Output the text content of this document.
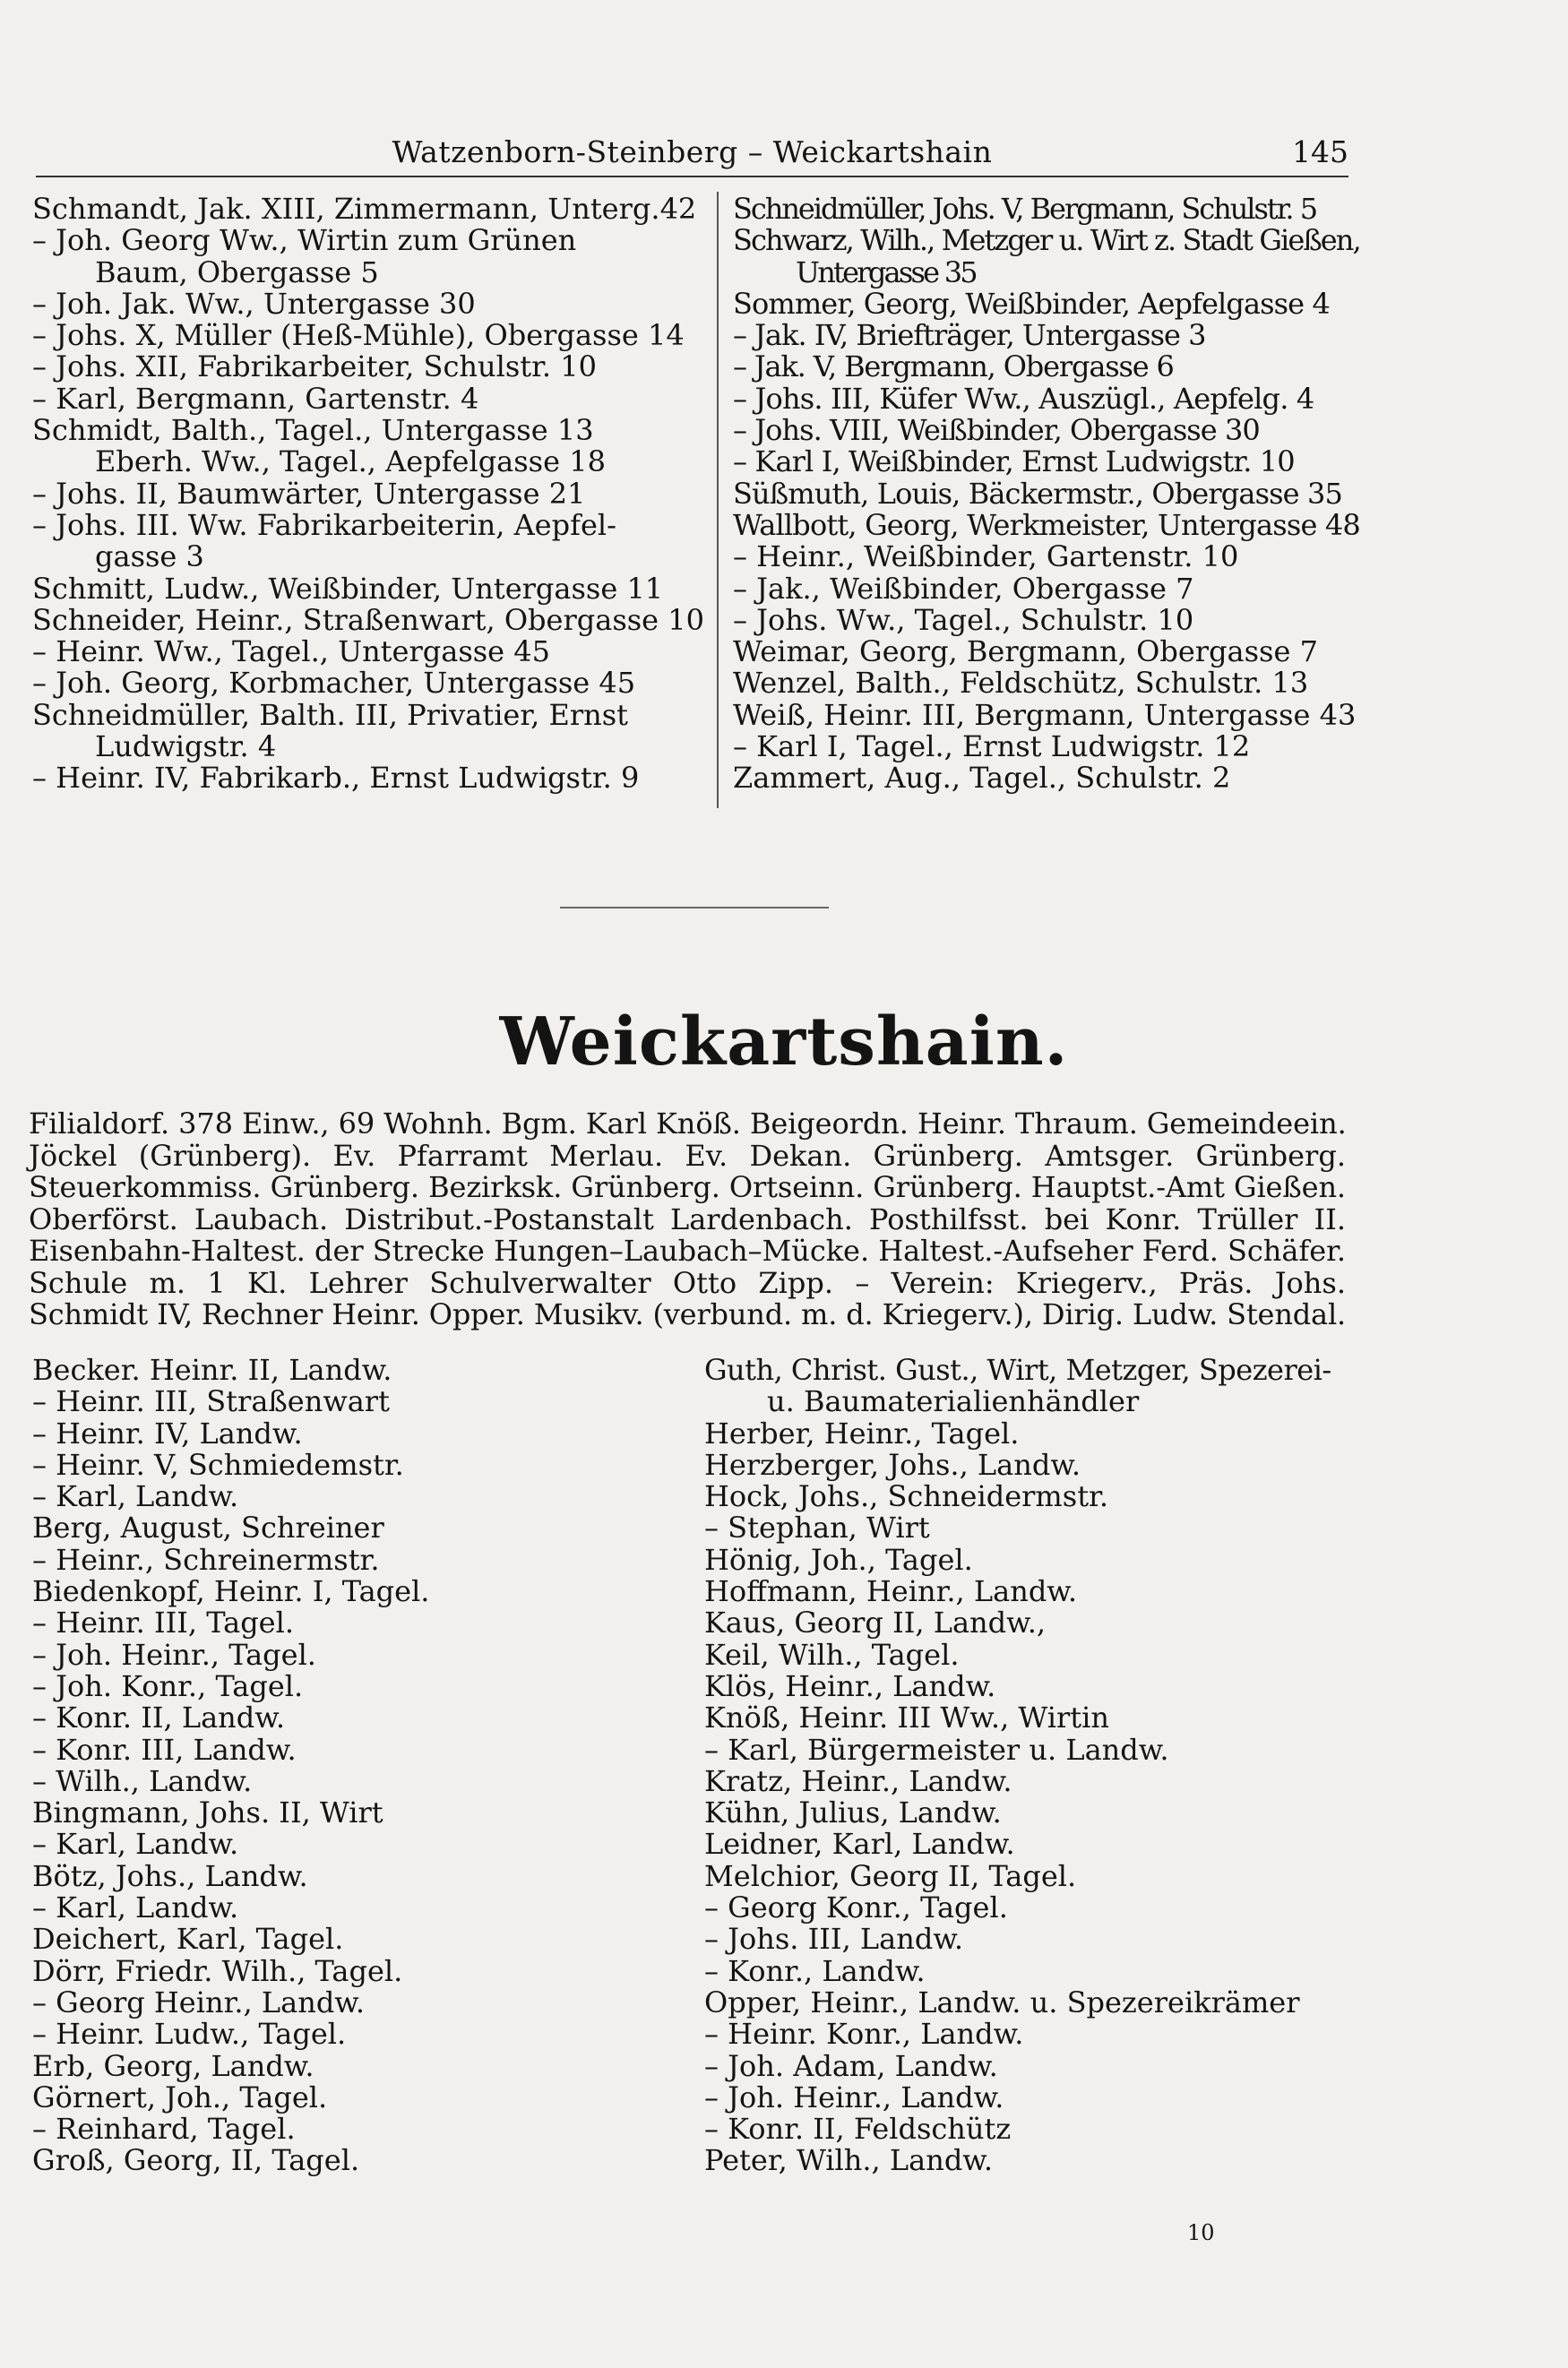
Watzenborn-Steinberg – Weickartshain	145
Schmandt, Jak. XIII, Zimmermann, Unterg.42
– Joh. Georg Ww., Wirtin zum Grünen
Baum, Obergasse 5
– Joh. Jak. Ww., Untergasse 30
– Johs. X, Müller (Heß-Mühle), Obergasse 14
– Johs. XII, Fabrikarbeiter, Schulstr. 10
– Karl, Bergmann, Gartenstr. 4
Schmidt, Balth., Tagel., Untergasse 13
Eberh. Ww., Tagel., Aepfelgasse 18
– Johs. II, Baumwärter, Untergasse 21
– Johs. III. Ww. Fabrikarbeiterin, Aepfel-
gasse 3
Schmitt, Ludw., Weißbinder, Untergasse 11
Schneider, Heinr., Straßenwart, Obergasse 10
– Heinr. Ww., Tagel., Untergasse 45
– Joh. Georg, Korbmacher, Untergasse 45
Schneidmüller, Balth. III, Privatier, Ernst
Ludwigstr. 4
– Heinr. IV, Fabrikarb., Ernst Ludwigstr. 9
Schneidmüller, Johs. V, Bergmann, Schulstr. 5
Schwarz, Wilh., Metzger u. Wirt z. Stadt Gießen,
Untergasse 35
Sommer, Georg, Weißbinder, Aepfelgasse 4
– Jak. IV, Briefträger, Untergasse 3
– Jak. V, Bergmann, Obergasse 6
– Johs. III, Küfer Ww., Auszügl., Aepfelg. 4
– Johs. VIII, Weißbinder, Obergasse 30
– Karl I, Weißbinder, Ernst Ludwigstr. 10
Süßmuth, Louis, Bäckermstr., Obergasse 35
Wallbott, Georg, Werkmeister, Untergasse 48
– Heinr., Weißbinder, Gartenstr. 10
– Jak., Weißbinder, Obergasse 7
– Johs. Ww., Tagel., Schulstr. 10
Weimar, Georg, Bergmann, Obergasse 7
Wenzel, Balth., Feldschütz, Schulstr. 13
Weiß, Heinr. III, Bergmann, Untergasse 43
– Karl I, Tagel., Ernst Ludwigstr. 12
Zammert, Aug., Tagel., Schulstr. 2
Weickartshain.
Filialdorf. 378 Einw., 69 Wohnh. Bgm. Karl Knöß. Beigeordn. Heinr. Thraum. Gemeindeein.
Jöckel (Grünberg). Ev. Pfarramt Merlau. Ev. Dekan. Grünberg. Amtsger. Grünberg.
Steuerkommiss. Grünberg. Bezirksk. Grünberg. Ortseinn. Grünberg. Hauptst.-Amt Gießen.
Oberförst. Laubach. Distribut.-Postanstalt Lardenbach. Posthilfsst. bei Konr. Trüller II.
Eisenbahn-Haltest. der Strecke Hungen–Laubach–Mücke. Haltest.-Aufseher Ferd. Schäfer.
Schule m. 1 Kl. Lehrer Schulverwalter Otto Zipp. – Verein: Kriegerv., Präs. Johs.
Schmidt IV, Rechner Heinr. Opper. Musikv. (verbund. m. d. Kriegerv.), Dirig. Ludw. Stendal.
Becker. Heinr. II, Landw.
– Heinr. III, Straßenwart
– Heinr. IV, Landw.
– Heinr. V, Schmiedemstr.
– Karl, Landw.
Berg, August, Schreiner
– Heinr., Schreinermstr.
Biedenkopf, Heinr. I, Tagel.
– Heinr. III, Tagel.
– Joh. Heinr., Tagel.
– Joh. Konr., Tagel.
– Konr. II, Landw.
– Konr. III, Landw.
– Wilh., Landw.
Bingmann, Johs. II, Wirt
– Karl, Landw.
Bötz, Johs., Landw.
– Karl, Landw.
Deichert, Karl, Tagel.
Dörr, Friedr. Wilh., Tagel.
– Georg Heinr., Landw.
– Heinr. Ludw., Tagel.
Erb, Georg, Landw.
Görnert, Joh., Tagel.
– Reinhard, Tagel.
Groß, Georg, II, Tagel.
Guth, Christ. Gust., Wirt, Metzger, Spezerei-
u. Baumaterialienhändler
Herber, Heinr., Tagel.
Herzberger, Johs., Landw.
Hock, Johs., Schneidermstr.
– Stephan, Wirt
Hönig, Joh., Tagel.
Hoffmann, Heinr., Landw.
Kaus, Georg II, Landw.,
Keil, Wilh., Tagel.
Klös, Heinr., Landw.
Knöß, Heinr. III Ww., Wirtin
– Karl, Bürgermeister u. Landw.
Kratz, Heinr., Landw.
Kühn, Julius, Landw.
Leidner, Karl, Landw.
Melchior, Georg II, Tagel.
– Georg Konr., Tagel.
– Johs. III, Landw.
– Konr., Landw.
Opper, Heinr., Landw. u. Spezereikrämer
– Heinr. Konr., Landw.
– Joh. Adam, Landw.
– Joh. Heinr., Landw.
– Konr. II, Feldschütz
Peter, Wilh., Landw.
10
